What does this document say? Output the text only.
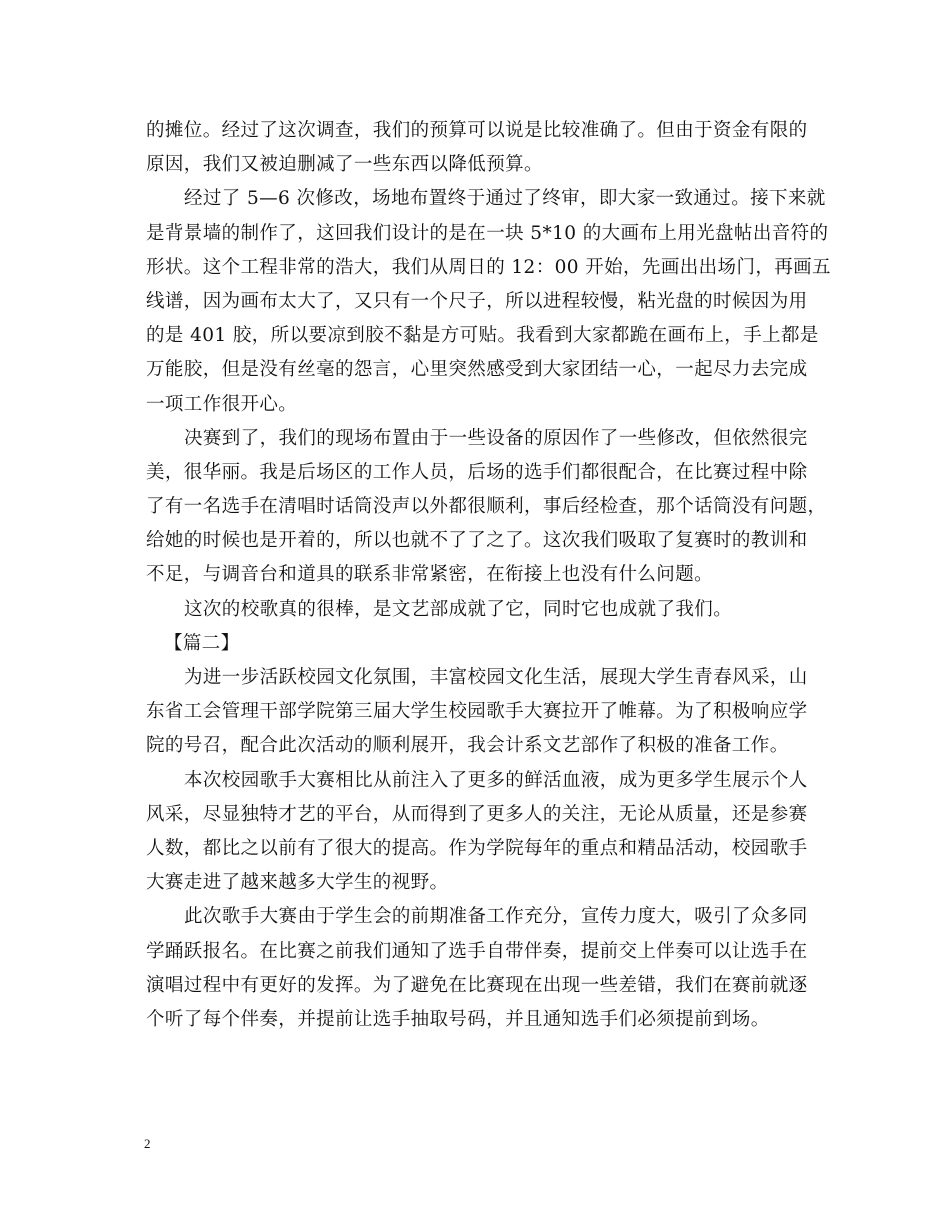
的摊位。经过了这次调查，我们的预算可以说是比较准确了。但由于资金有限的
原因，我们又被迫删减了一些东西以降低预算。
经过了 5—6 次修改，场地布置终于通过了终审，即大家一致通过。接下来就
是背景墙的制作了，这回我们设计的是在一块 5*10 的大画布上用光盘帖出音符的
形状。这个工程非常的浩大，我们从周日的 12：00 开始，先画出出场门，再画五
线谱，因为画布太大了，又只有一个尺子，所以进程较慢，粘光盘的时候因为用
的是 401 胶，所以要凉到胶不黏是方可贴。我看到大家都跪在画布上，手上都是
万能胶，但是没有丝毫的怨言，心里突然感受到大家团结一心，一起尽力去完成
一项工作很开心。
决赛到了，我们的现场布置由于一些设备的原因作了一些修改，但依然很完
美，很华丽。我是后场区的工作人员，后场的选手们都很配合，在比赛过程中除
了有一名选手在清唱时话筒没声以外都很顺利，事后经检查，那个话筒没有问题，
给她的时候也是开着的，所以也就不了了之了。这次我们吸取了复赛时的教训和
不足，与调音台和道具的联系非常紧密，在衔接上也没有什么问题。
这次的校歌真的很棒，是文艺部成就了它，同时它也成就了我们。
【篇二】
为进一步活跃校园文化氛围，丰富校园文化生活，展现大学生青春风采，山
东省工会管理干部学院第三届大学生校园歌手大赛拉开了帷幕。为了积极响应学
院的号召，配合此次活动的顺利展开，我会计系文艺部作了积极的准备工作。
本次校园歌手大赛相比从前注入了更多的鲜活血液，成为更多学生展示个人
风采，尽显独特才艺的平台，从而得到了更多人的关注，无论从质量，还是参赛
人数，都比之以前有了很大的提高。作为学院每年的重点和精品活动，校园歌手
大赛走进了越来越多大学生的视野。
此次歌手大赛由于学生会的前期准备工作充分，宣传力度大，吸引了众多同
学踊跃报名。在比赛之前我们通知了选手自带伴奏，提前交上伴奏可以让选手在
演唱过程中有更好的发挥。为了避免在比赛现在出现一些差错，我们在赛前就逐
个听了每个伴奏，并提前让选手抽取号码，并且通知选手们必须提前到场。
2
